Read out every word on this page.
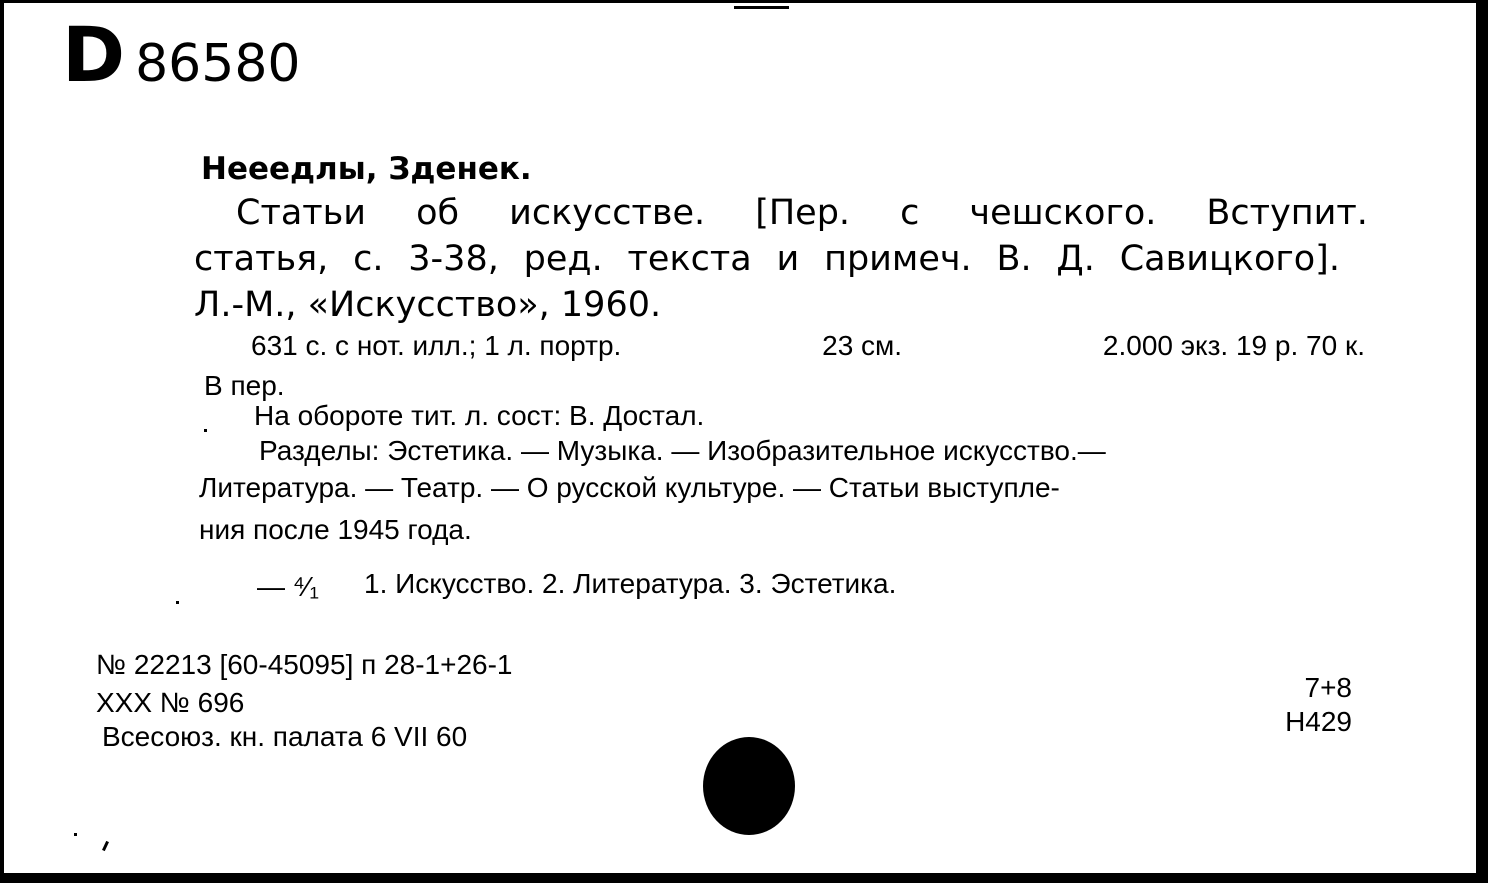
D 86580
Нееедлы, Зденек.
Статьи об искусстве. [Пер. с чешского. Вступит.
статья, с. 3-38, ред. текста и примеч. В. Д. Савицкого].
Л.-М., «Искусство», 1960.
631 с. с нот. илл.; 1 л. портр.	23 см.	2.000 экз. 19 р. 70 к.
В пер.
На обороте тит. л. сост: В. Достал.
Разделы: Эстетика. — Музыка. — Изобразительное искусство.—
Литература. — Театр. — О русской культуре. — Статьи выступле-
ния после 1945 года.
— ⁴⁄₁ 1. Искусство. 2. Литература. 3. Эстетика.
№ 22213 [60-45095] п 28-1+26-1
ХХХ № 696
Всесоюз. кн. палата 6 VII 60
7+8
Н429
